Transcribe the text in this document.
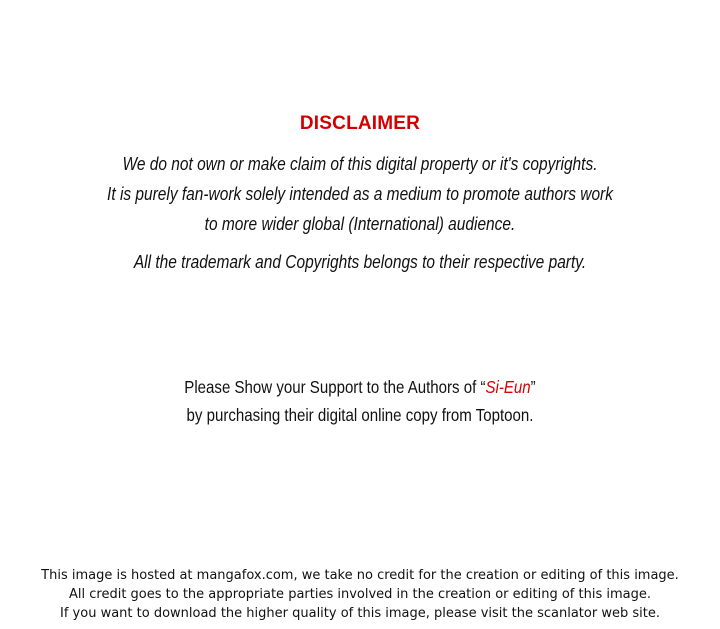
DISCLAIMER
We do not own or make claim of this digital property or it's copyrights.
It is purely fan-work solely intended as a medium to promote authors work
to more wider global (International) audience.
All the trademark and Copyrights belongs to their respective party.
Please Show your Support to the Authors of “Si-Eun”
by purchasing their digital online copy from Toptoon.
This image is hosted at mangafox.com, we take no credit for the creation or editing of this image.
All credit goes to the appropriate parties involved in the creation or editing of this image.
If you want to download the higher quality of this image, please visit the scanlator web site.
